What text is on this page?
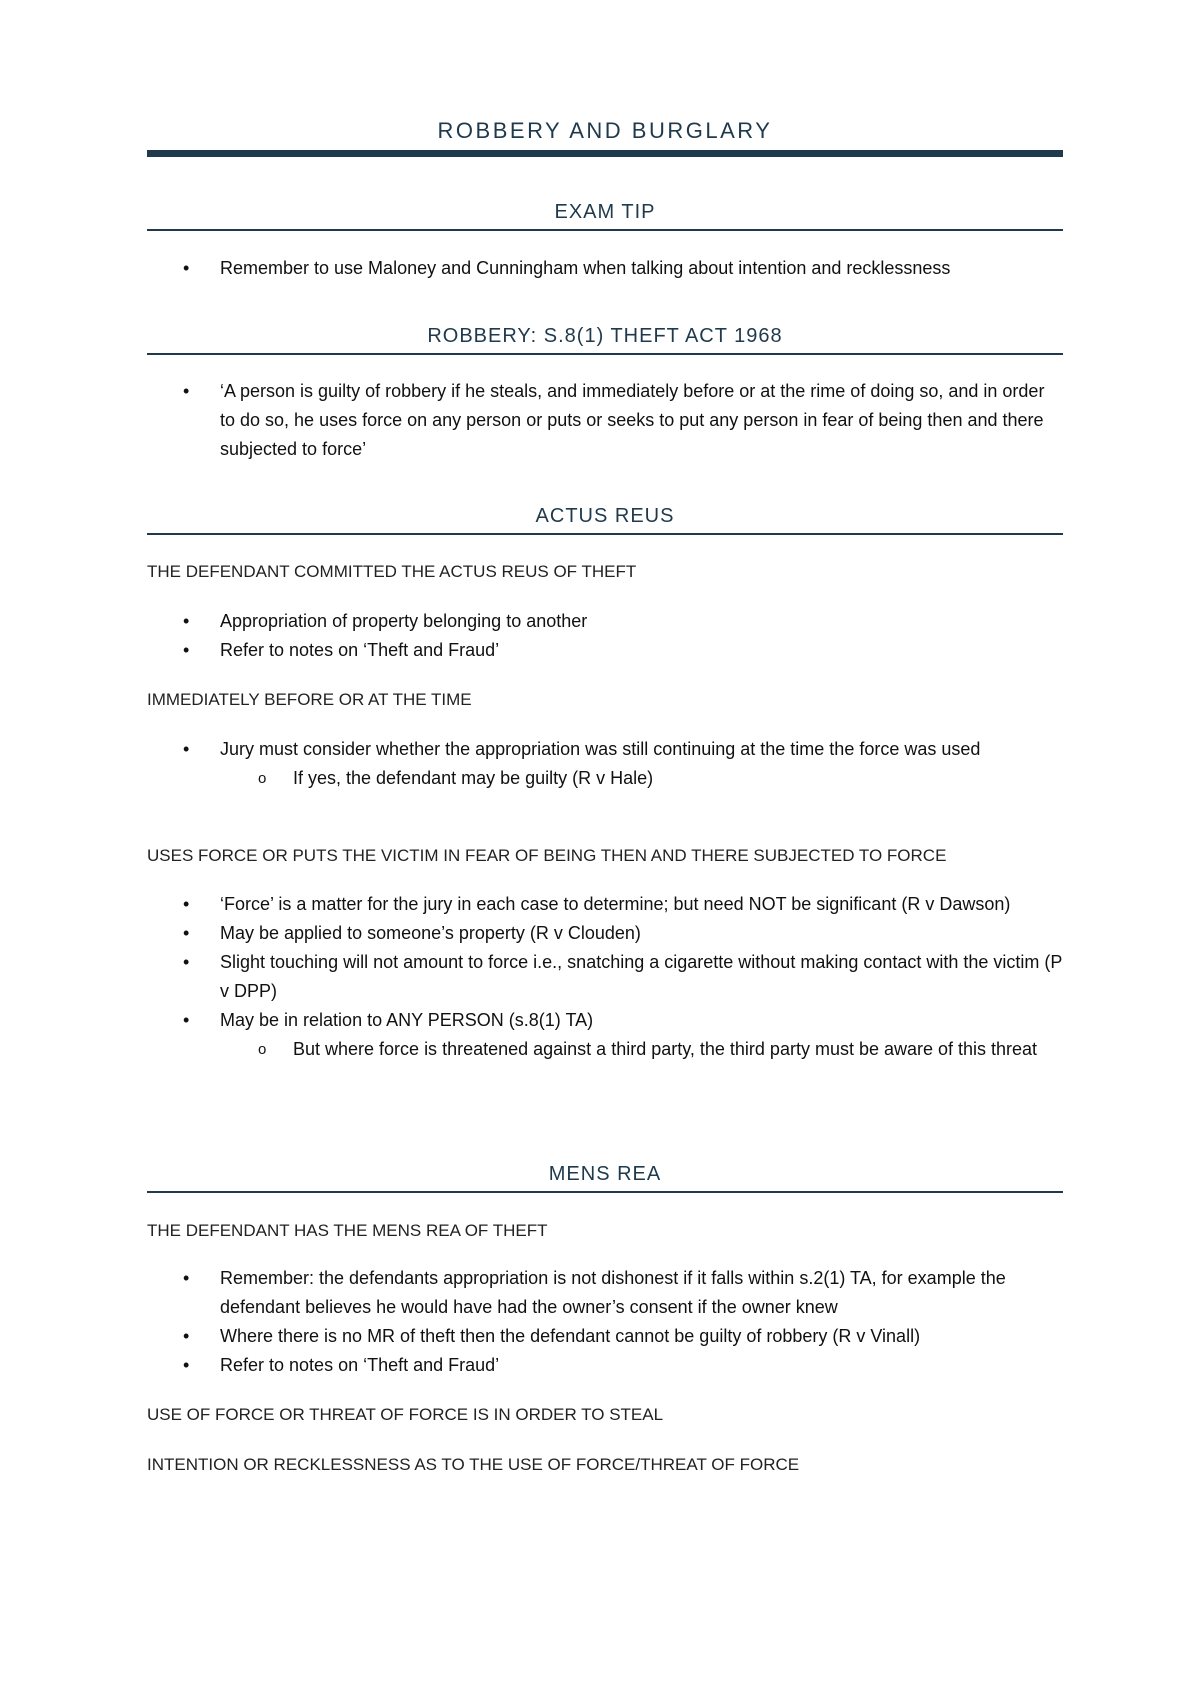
ROBBERY AND BURGLARY
EXAM TIP
• Remember to use Maloney and Cunningham when talking about intention and recklessness
ROBBERY: S.8(1) THEFT ACT 1968
• ‘A person is guilty of robbery if he steals, and immediately before or at the rime of doing so, and in order to do so, he uses force on any person or puts or seeks to put any person in fear of being then and there subjected to force’
ACTUS REUS
THE DEFENDANT COMMITTED THE ACTUS REUS OF THEFT
• Appropriation of property belonging to another
• Refer to notes on ‘Theft and Fraud’
IMMEDIATELY BEFORE OR AT THE TIME
• Jury must consider whether the appropriation was still continuing at the time the force was used
o If yes, the defendant may be guilty (R v Hale)
USES FORCE OR PUTS THE VICTIM IN FEAR OF BEING THEN AND THERE SUBJECTED TO FORCE
• ‘Force’ is a matter for the jury in each case to determine; but need NOT be significant (R v Dawson)
• May be applied to someone’s property (R v Clouden)
• Slight touching will not amount to force i.e., snatching a cigarette without making contact with the victim (P v DPP)
• May be in relation to ANY PERSON (s.8(1) TA)
o But where force is threatened against a third party, the third party must be aware of this threat
MENS REA
THE DEFENDANT HAS THE MENS REA OF THEFT
• Remember: the defendants appropriation is not dishonest if it falls within s.2(1) TA, for example the defendant believes he would have had the owner’s consent if the owner knew
• Where there is no MR of theft then the defendant cannot be guilty of robbery (R v Vinall)
• Refer to notes on ‘Theft and Fraud’
USE OF FORCE OR THREAT OF FORCE IS IN ORDER TO STEAL
INTENTION OR RECKLESSNESS AS TO THE USE OF FORCE/THREAT OF FORCE
